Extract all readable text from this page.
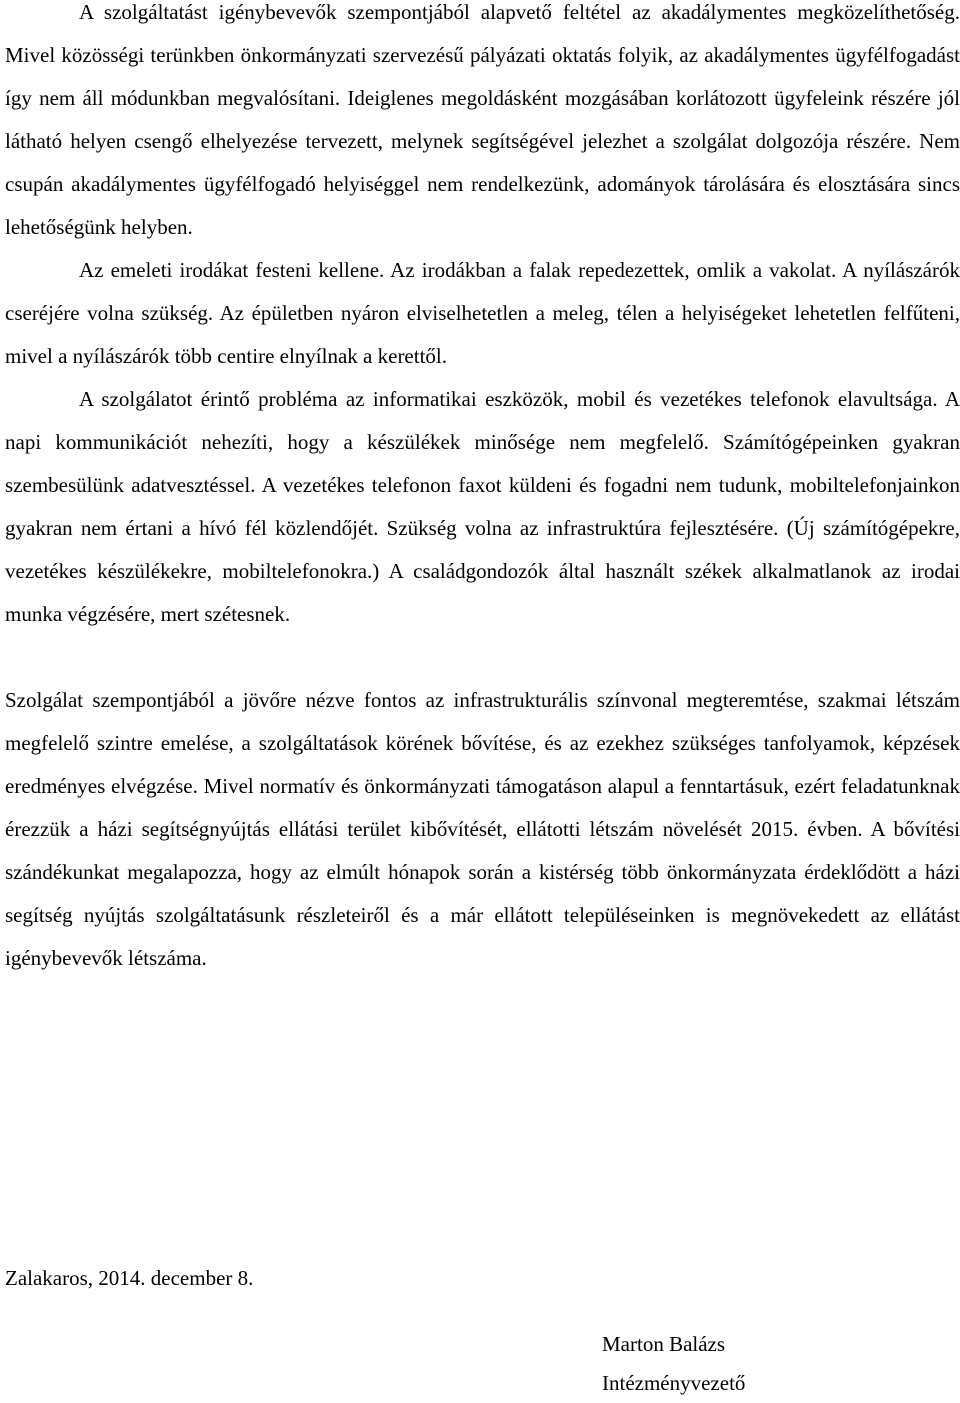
A szolgáltatást igénybevevők szempontjából alapvető feltétel az akadálymentes megközelíthetőség. Mivel közösségi terünkben önkormányzati szervezésű pályázati oktatás folyik, az akadálymentes ügyfélfogadást így nem áll módunkban megvalósítani. Ideiglenes megoldásként mozgásában korlátozott ügyfeleink részére jól látható helyen csengő elhelyezése tervezett, melynek segítségével jelezhet a szolgálat dolgozója részére. Nem csupán akadálymentes ügyfélfogadó helyiséggel nem rendelkezünk, adományok tárolására és elosztására sincs lehetőségünk helyben.

Az emeleti irodákat festeni kellene. Az irodákban a falak repedezettek, omlik a vakolat. A nyílászárók cseréjére volna szükség. Az épületben nyáron elviselhetetlen a meleg, télen a helyiségeket lehetetlen felfűteni, mivel a nyílászárók több centire elnyílnak a kerettől.

A szolgálatot érintő probléma az informatikai eszközök, mobil és vezetékes telefonok elavultsága. A napi kommunikációt nehezíti, hogy a készülékek minősége nem megfelelő. Számítógépeinken gyakran szembesülünk adatvesztéssel. A vezetékes telefonon faxot küldeni és fogadni nem tudunk, mobiltelefonjainkon gyakran nem értani a hívó fél közlendőjét. Szükség volna az infrastruktúra fejlesztésére. (Új számítógépekre, vezetékes készülékekre, mobiltelefonokra.) A családgondozók által használt székek alkalmatlanok az irodai munka végzésére, mert szétesnek.

Szolgálat szempontjából a jövőre nézve fontos az infrastrukturális színvonal megteremtése, szakmai létszám megfelelő szintre emelése, a szolgáltatások körének bővítése, és az ezekhez szükséges tanfolyamok, képzések eredményes elvégzése. Mivel normatív és önkormányzati támogatáson alapul a fenntartásuk, ezért feladatunknak érezzük a házi segítségnyújtás ellátási terület kibővítését, ellátotti létszám növelését 2015. évben. A bővítési szándékunkat megalapozza, hogy az elmúlt hónapok során a kistérség több önkormányzata érdeklődött a házi segítség nyújtás szolgáltatásunk részleteiről és a már ellátott településeinken is megnövekedett az ellátást igénybevevők létszáma.

Zalakaros, 2014. december 8.

Marton Balázs
Intézményvezető
